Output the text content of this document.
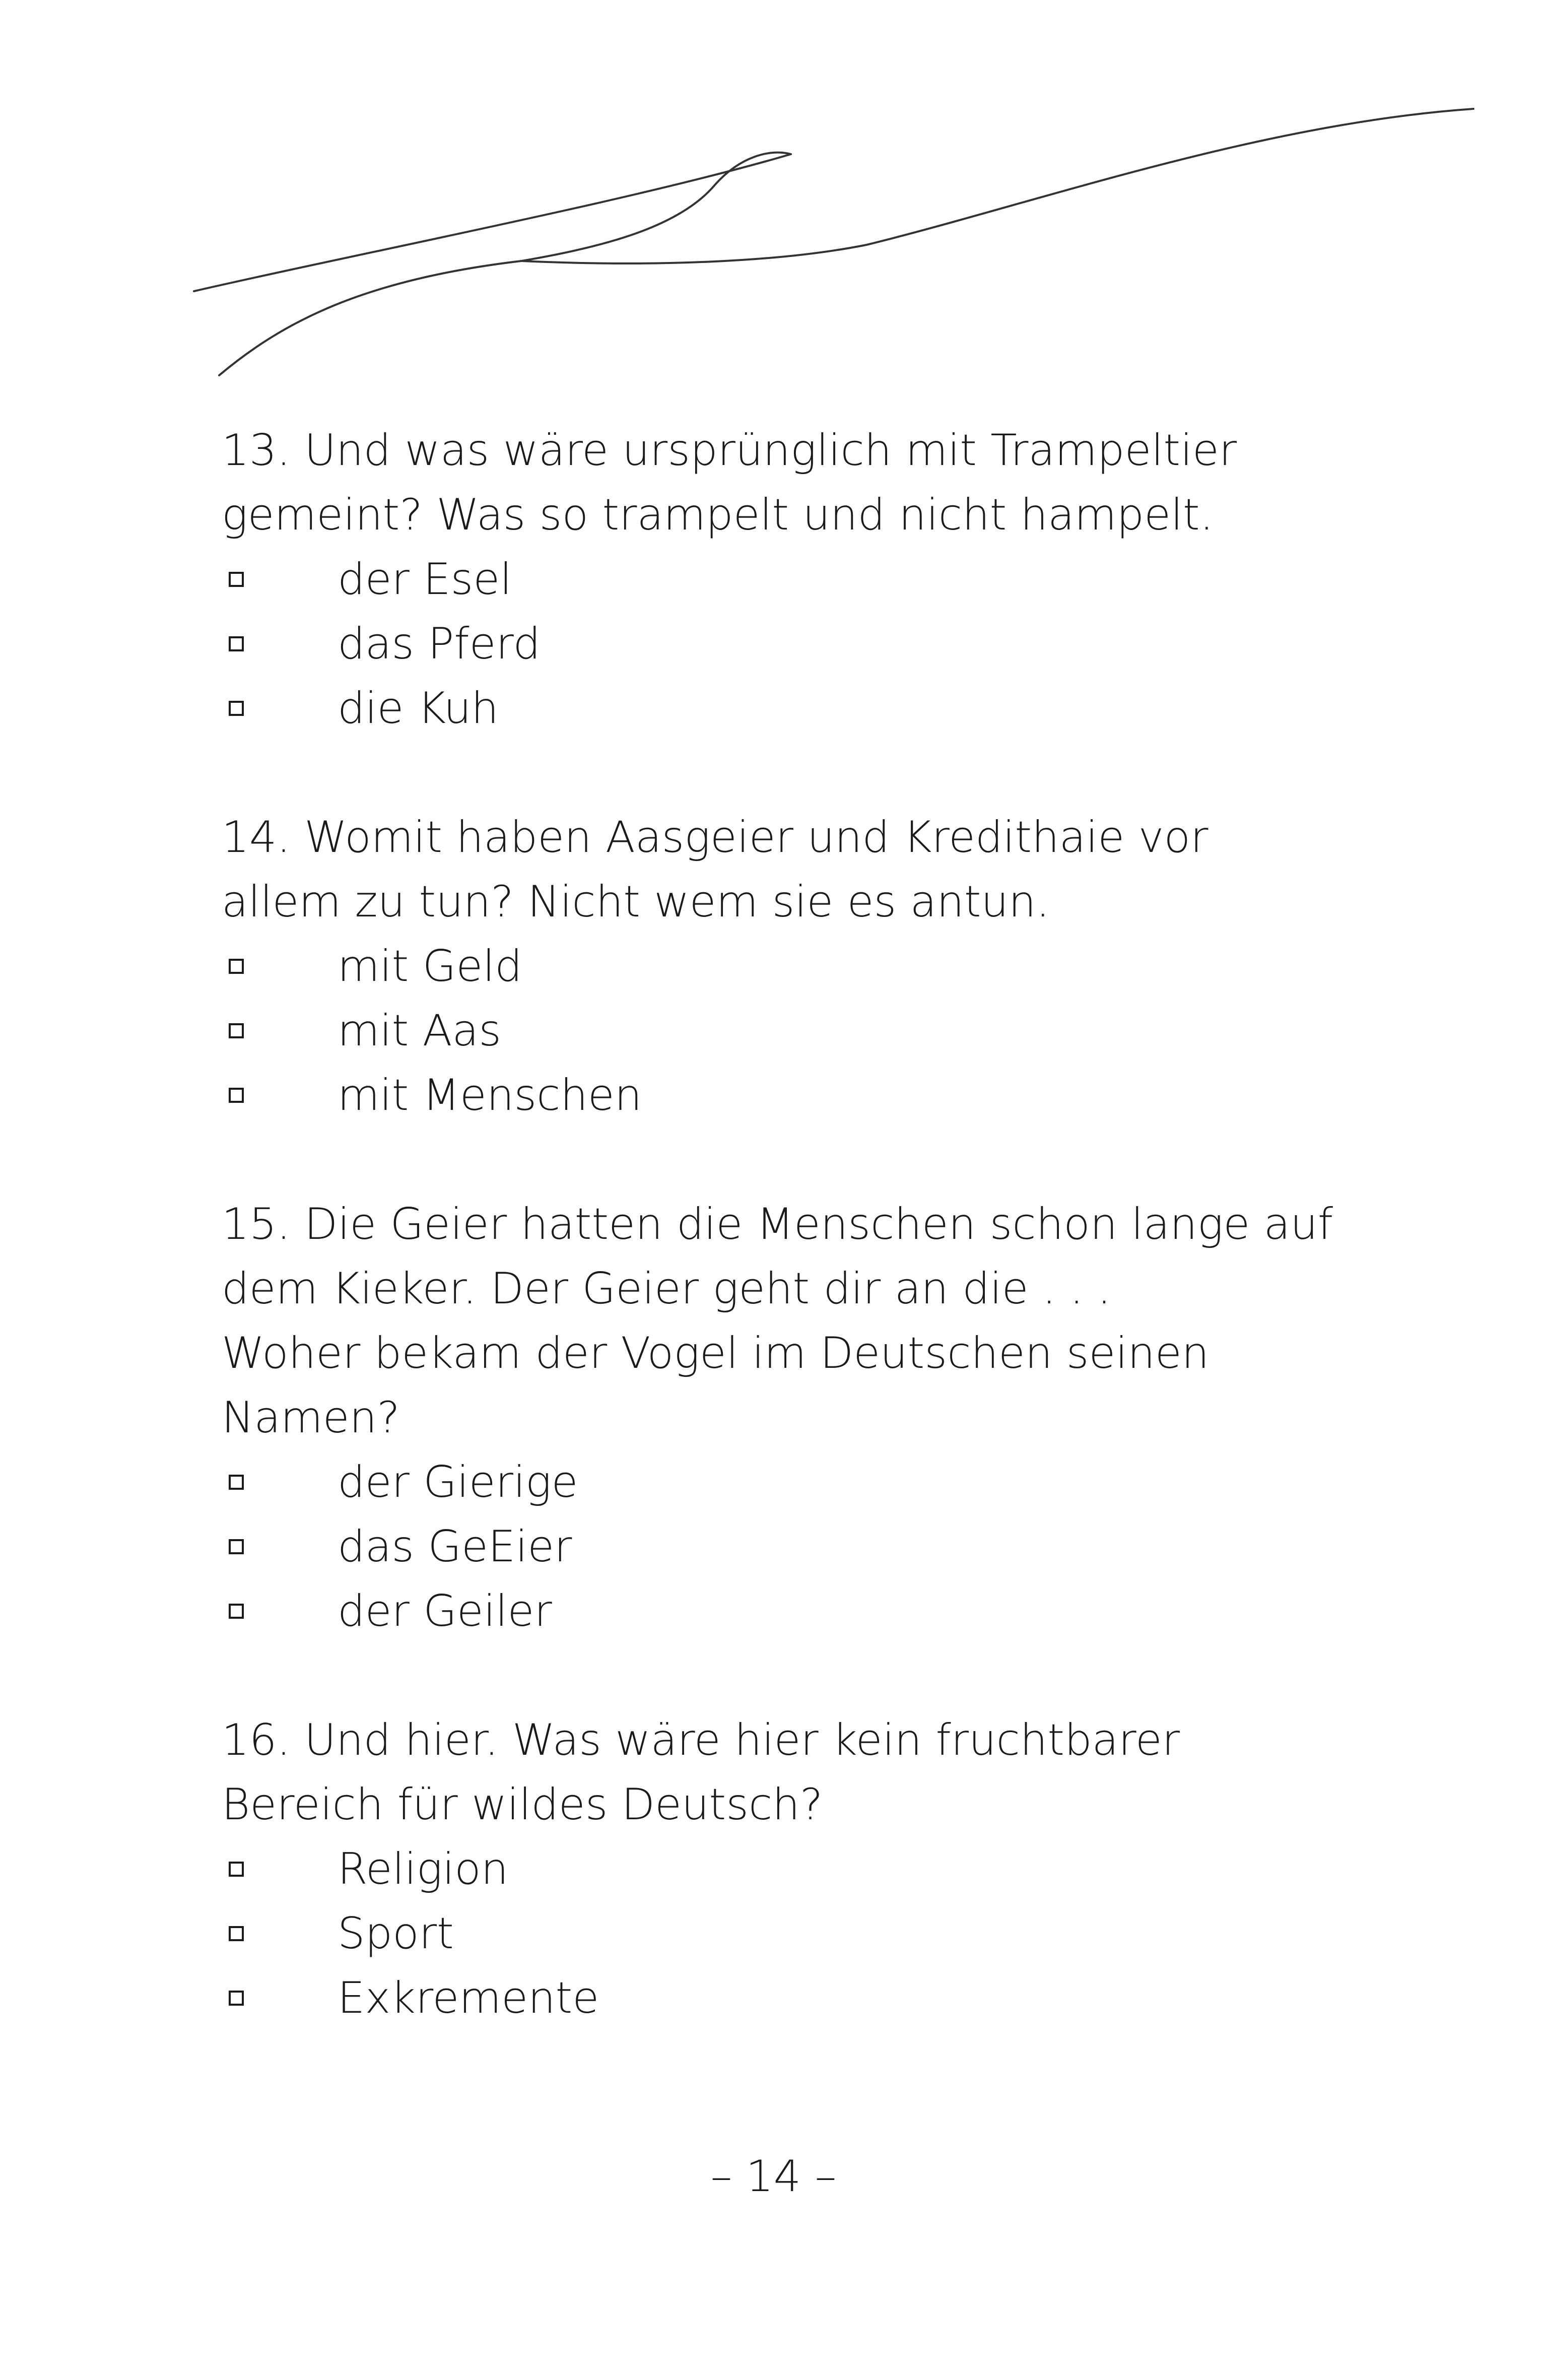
13. Und was wäre ursprünglich mit Trampeltier
gemeint? Was so trampelt und nicht hampelt.

der Esel
das Pferd
die Kuh

14. Womit haben Aasgeier und Kredithaie vor
allem zu tun? Nicht wem sie es antun.

mit Geld
mit Aas
mit Menschen

15. Die Geier hatten die Menschen schon lange auf
dem Kieker. Der Geier geht dir an die . . .
Woher bekam der Vogel im Deutschen seinen
Namen?

der Gierige
das GeEier
der Geiler

16. Und hier. Was wäre hier kein fruchtbarer
Bereich für wildes Deutsch?

Religion
Sport
Exkremente
– 14 –
